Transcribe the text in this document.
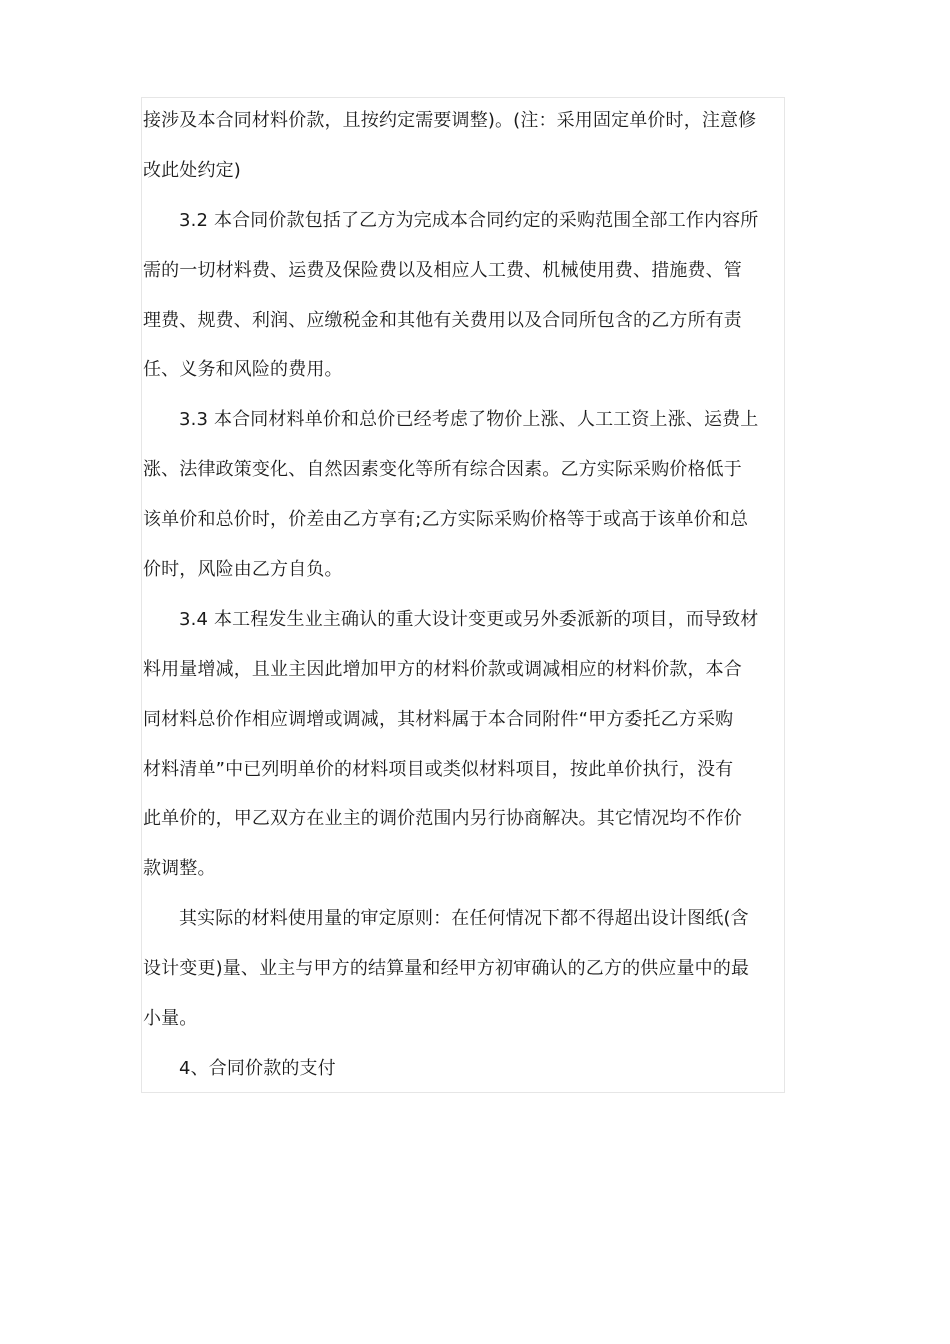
接涉及本合同材料价款，且按约定需要调整)。(注：采用固定单价时，注意修
改此处约定)
3.2 本合同价款包括了乙方为完成本合同约定的采购范围全部工作内容所
需的一切材料费、运费及保险费以及相应人工费、机械使用费、措施费、管
理费、规费、利润、应缴税金和其他有关费用以及合同所包含的乙方所有责
任、义务和风险的费用。
3.3 本合同材料单价和总价已经考虑了物价上涨、人工工资上涨、运费上
涨、法律政策变化、自然因素变化等所有综合因素。乙方实际采购价格低于
该单价和总价时，价差由乙方享有;乙方实际采购价格等于或高于该单价和总
价时，风险由乙方自负。
3.4 本工程发生业主确认的重大设计变更或另外委派新的项目，而导致材
料用量增减，且业主因此增加甲方的材料价款或调减相应的材料价款，本合
同材料总价作相应调增或调减，其材料属于本合同附件“甲方委托乙方采购
材料清单”中已列明单价的材料项目或类似材料项目，按此单价执行，没有
此单价的，甲乙双方在业主的调价范围内另行协商解决。其它情况均不作价
款调整。
其实际的材料使用量的审定原则：在任何情况下都不得超出设计图纸(含
设计变更)量、业主与甲方的结算量和经甲方初审确认的乙方的供应量中的最
小量。
4、合同价款的支付
